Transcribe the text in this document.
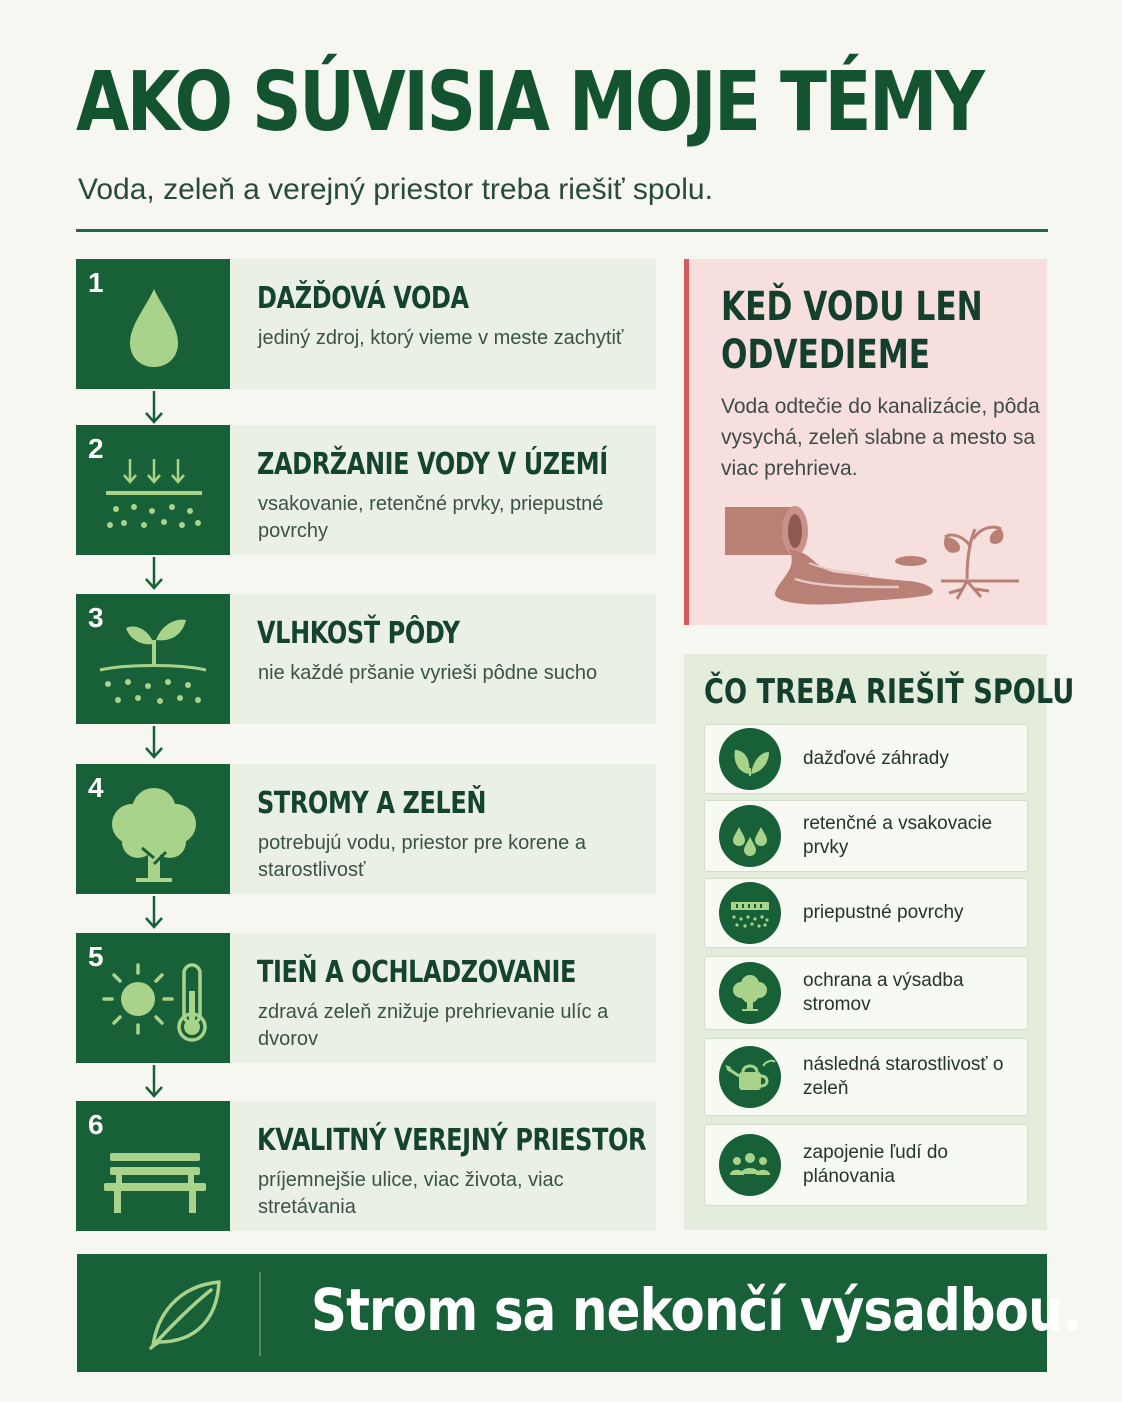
AKO SÚVISIA MOJE TÉMY
Voda, zeleň a verejný priestor treba riešiť spolu.
1	DAŽĎOVÁ VODA
jediný zdroj, ktorý vieme v meste zachytiť
2	ZADRŽANIE VODY V ÚZEMÍ
vsakovanie, retenčné prvky, priepustné povrchy
3	VLHKOSŤ PÔDY
nie každé pršanie vyrieši pôdne sucho
4	STROMY A ZELEŇ
potrebujú vodu, priestor pre korene a starostlivosť
5	TIEŇ A OCHLADZOVANIE
zdravá zeleň znižuje prehrievanie ulíc a dvorov
6	KVALITNÝ VEREJNÝ PRIESTOR
príjemnejšie ulice, viac života, viac stretávania
KEĎ VODU LEN
ODVEDIEME
Voda odtečie do kanalizácie, pôda vysychá, zeleň slabne a mesto sa viac prehrieva.
ČO TREBA RIEŠIŤ SPOLU
dažďové záhrady
retenčné a vsakovacie prvky
priepustné povrchy
ochrana a výsadba stromov
následná starostlivosť o zeleň
zapojenie ľudí do plánovania
Strom sa nekončí výsadbou.
